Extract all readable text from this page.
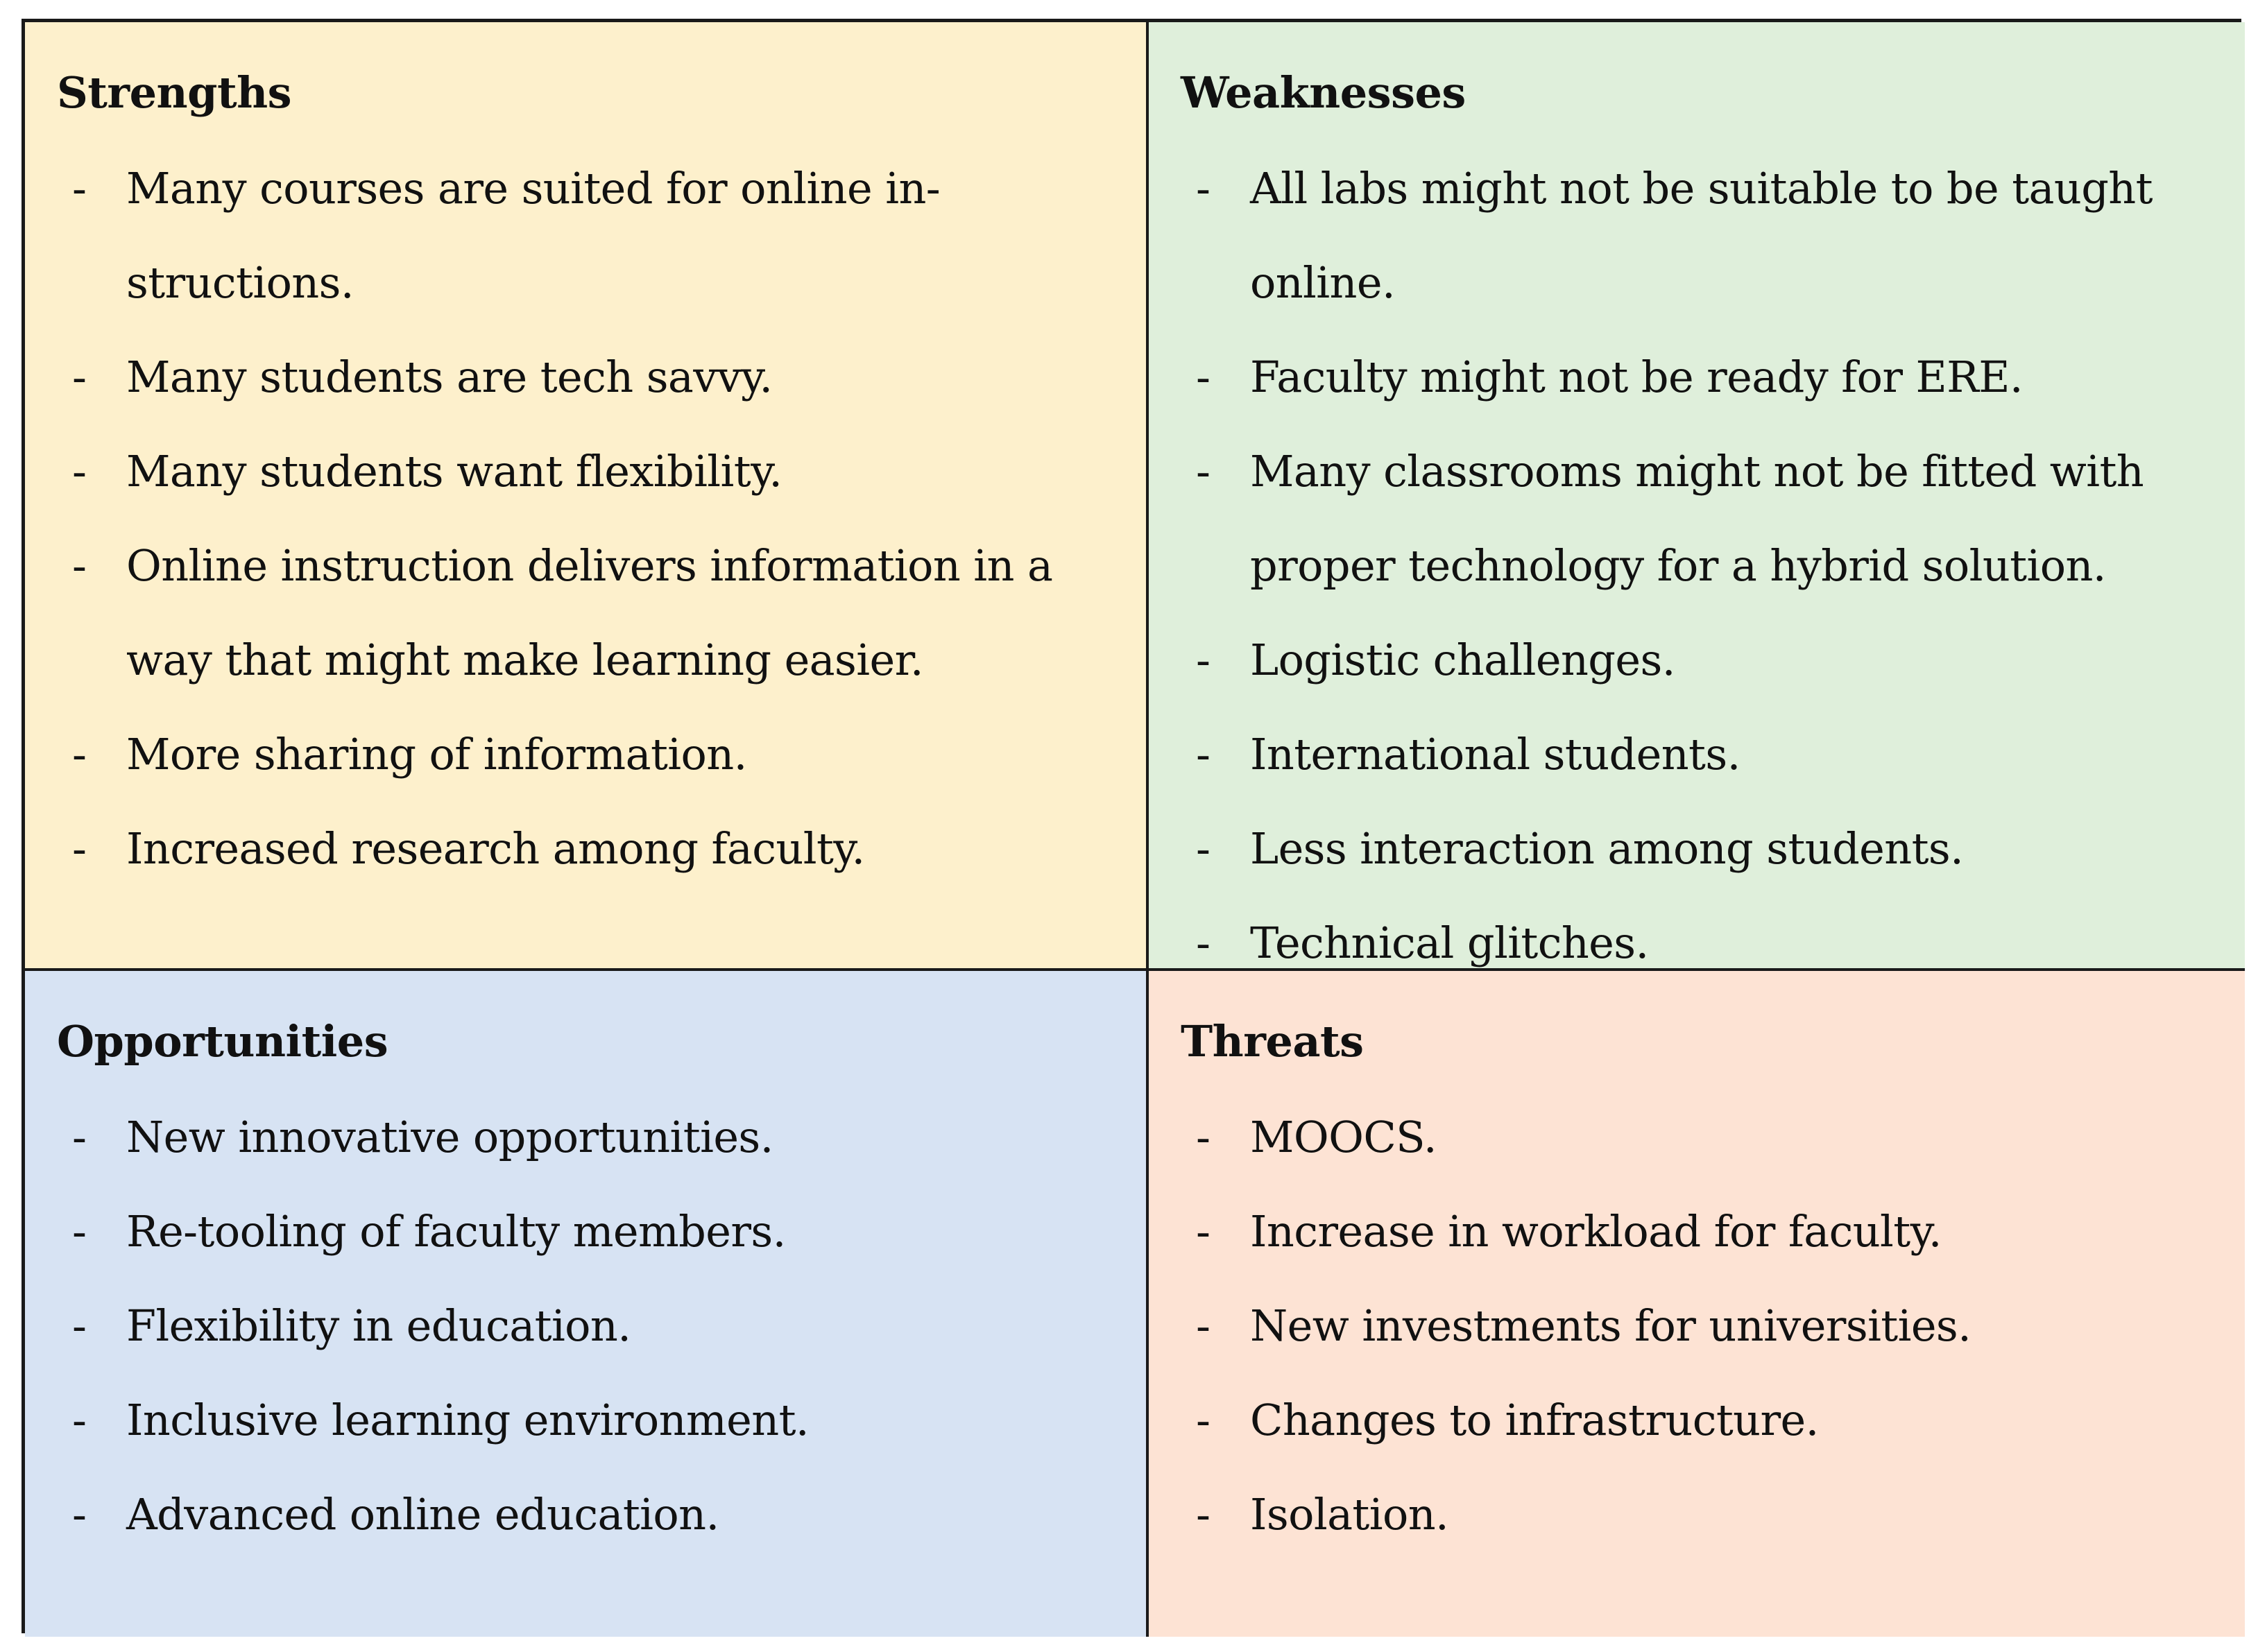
Strengths
- Many courses are suited for online in-structions.
- Many students are tech savvy.
- Many students want flexibility.
- Online instruction delivers information in a way that might make learning easier.
- More sharing of information.
- Increased research among faculty.
Weaknesses
- All labs might not be suitable to be taught online.
- Faculty might not be ready for ERE.
- Many classrooms might not be fitted with proper technology for a hybrid solution.
- Logistic challenges.
- International students.
- Less interaction among students.
- Technical glitches.
Opportunities
- New innovative opportunities.
- Re-tooling of faculty members.
- Flexibility in education.
- Inclusive learning environment.
- Advanced online education.
Threats
- MOOCS.
- Increase in workload for faculty.
- New investments for universities.
- Changes to infrastructure.
- Isolation.
